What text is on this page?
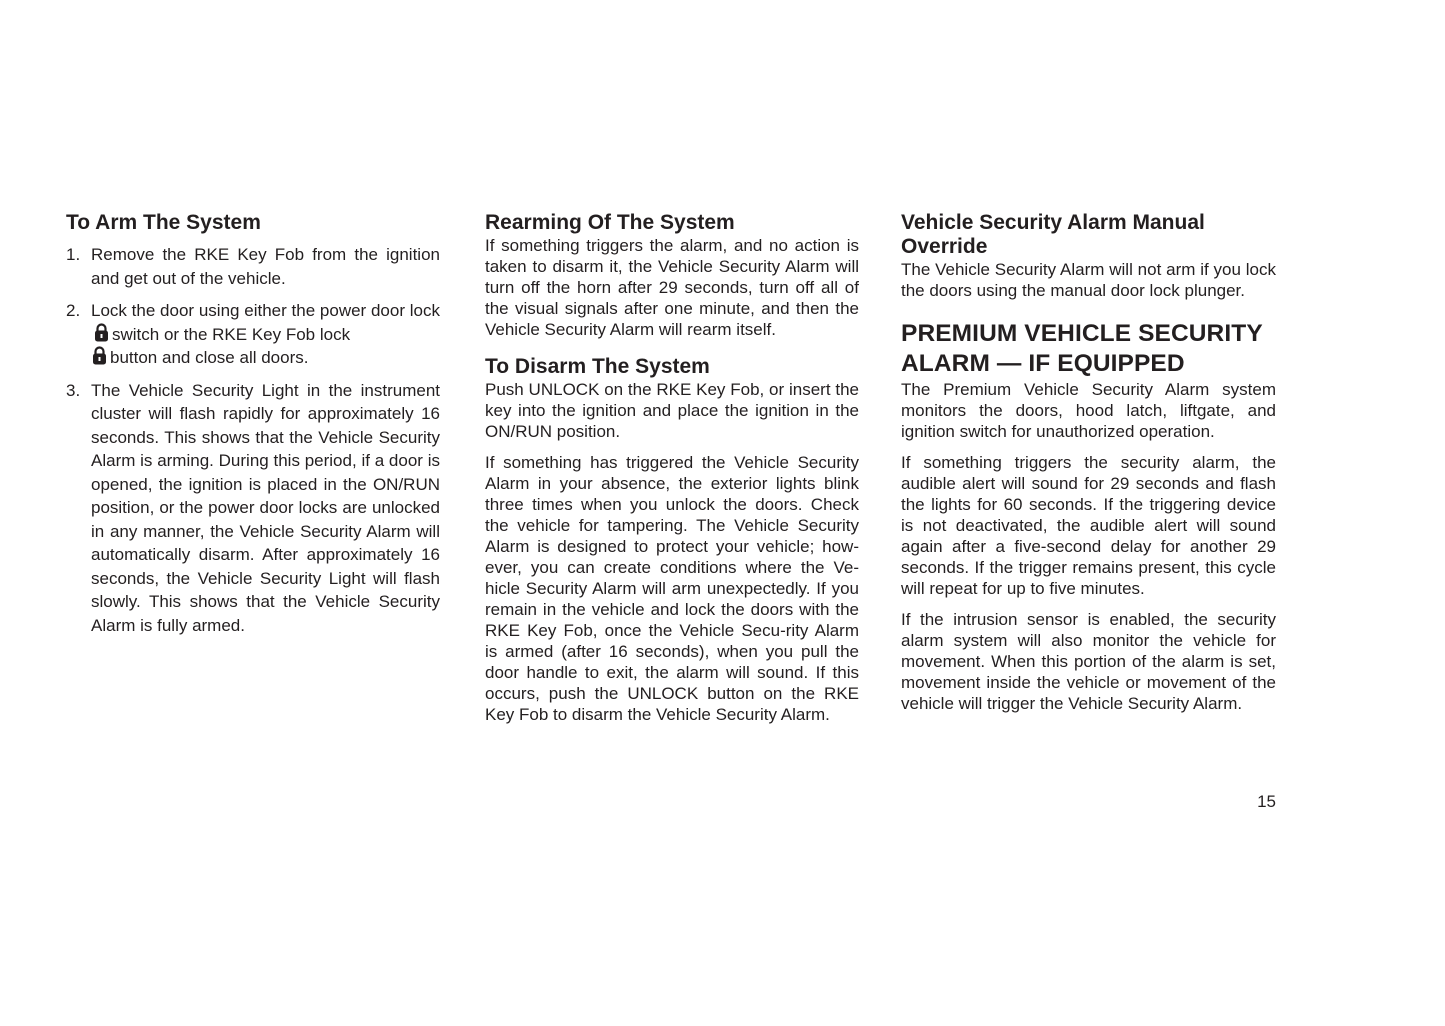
To Arm The System
1. Remove the RKE Key Fob from the ignition and get out of the vehicle.
2. Lock the door using either the power door lockswitch or the RKE Key Fob lock
button and close all doors.
3. The Vehicle Security Light in the instrument cluster will flash rapidly for approximately 16 seconds. This shows that the Vehicle Security Alarm is arming. During this period, if a door is opened, the ignition is placed in the ON/RUN position, or the power door locks are unlocked in any manner, the Vehicle Security Alarm will automatically disarm. After approximately 16 seconds, the Vehicle Security Light will flash slowly. This shows that the Vehicle Security Alarm is fully armed.
Rearming Of The System

If something triggers the alarm, and no action is taken to disarm it, the Vehicle Security Alarm will turn off the horn after 29 seconds, turn off all of the visual signals after one minute, and then the Vehicle Security Alarm will rearm itself.

To Disarm The System

Push UNLOCK on the RKE Key Fob, or insert the key into the ignition and place the ignition in the ON/RUN position.

If something has triggered the Vehicle Security Alarm in your absence, the exterior lights blink three times when you unlock the doors. Check the vehicle for tampering. The Vehicle Security Alarm is designed to protect your vehicle; how-ever, you can create conditions where the Ve-hicle Security Alarm will arm unexpectedly. If you remain in the vehicle and lock the doors with the RKE Key Fob, once the Vehicle Secu-rity Alarm is armed (after 16 seconds), when you pull the door handle to exit, the alarm will sound. If this occurs, push the UNLOCK button on the RKE Key Fob to disarm the Vehicle Security Alarm.

Vehicle Security Alarm Manual Override

The Vehicle Security Alarm will not arm if you lock the doors using the manual door lock plunger.

PREMIUM VEHICLE SECURITY ALARM — IF EQUIPPED

The Premium Vehicle Security Alarm system monitors the doors, hood latch, liftgate, and ignition switch for unauthorized operation.

If something triggers the security alarm, the audible alert will sound for 29 seconds and flash the lights for 60 seconds. If the triggering device is not deactivated, the audible alert will sound again after a five-second delay for another 29 seconds. If the trigger remains present, this cycle will repeat for up to five minutes.

If the intrusion sensor is enabled, the security alarm system will also monitor the vehicle for movement. When this portion of the alarm is set, movement inside the vehicle or movement of the vehicle will trigger the Vehicle Security Alarm.

15
